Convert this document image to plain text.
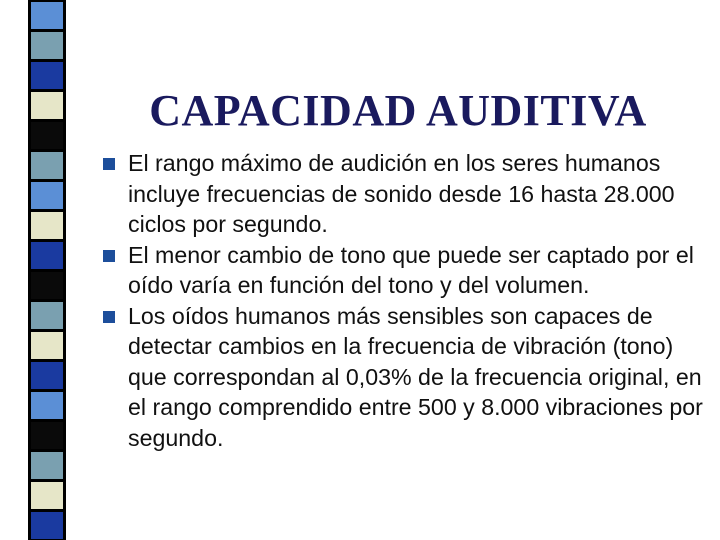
CAPACIDAD AUDITIVA
El rango máximo de audición en los seres humanos incluye frecuencias de sonido desde 16 hasta 28.000 ciclos por segundo.
El menor cambio de tono que puede ser captado por el oído varía en función del tono y del volumen.
Los oídos humanos más sensibles son capaces de detectar cambios en la frecuencia de vibración (tono) que correspondan al 0,03% de la frecuencia original, en el rango comprendido entre 500 y 8.000 vibraciones por segundo.
